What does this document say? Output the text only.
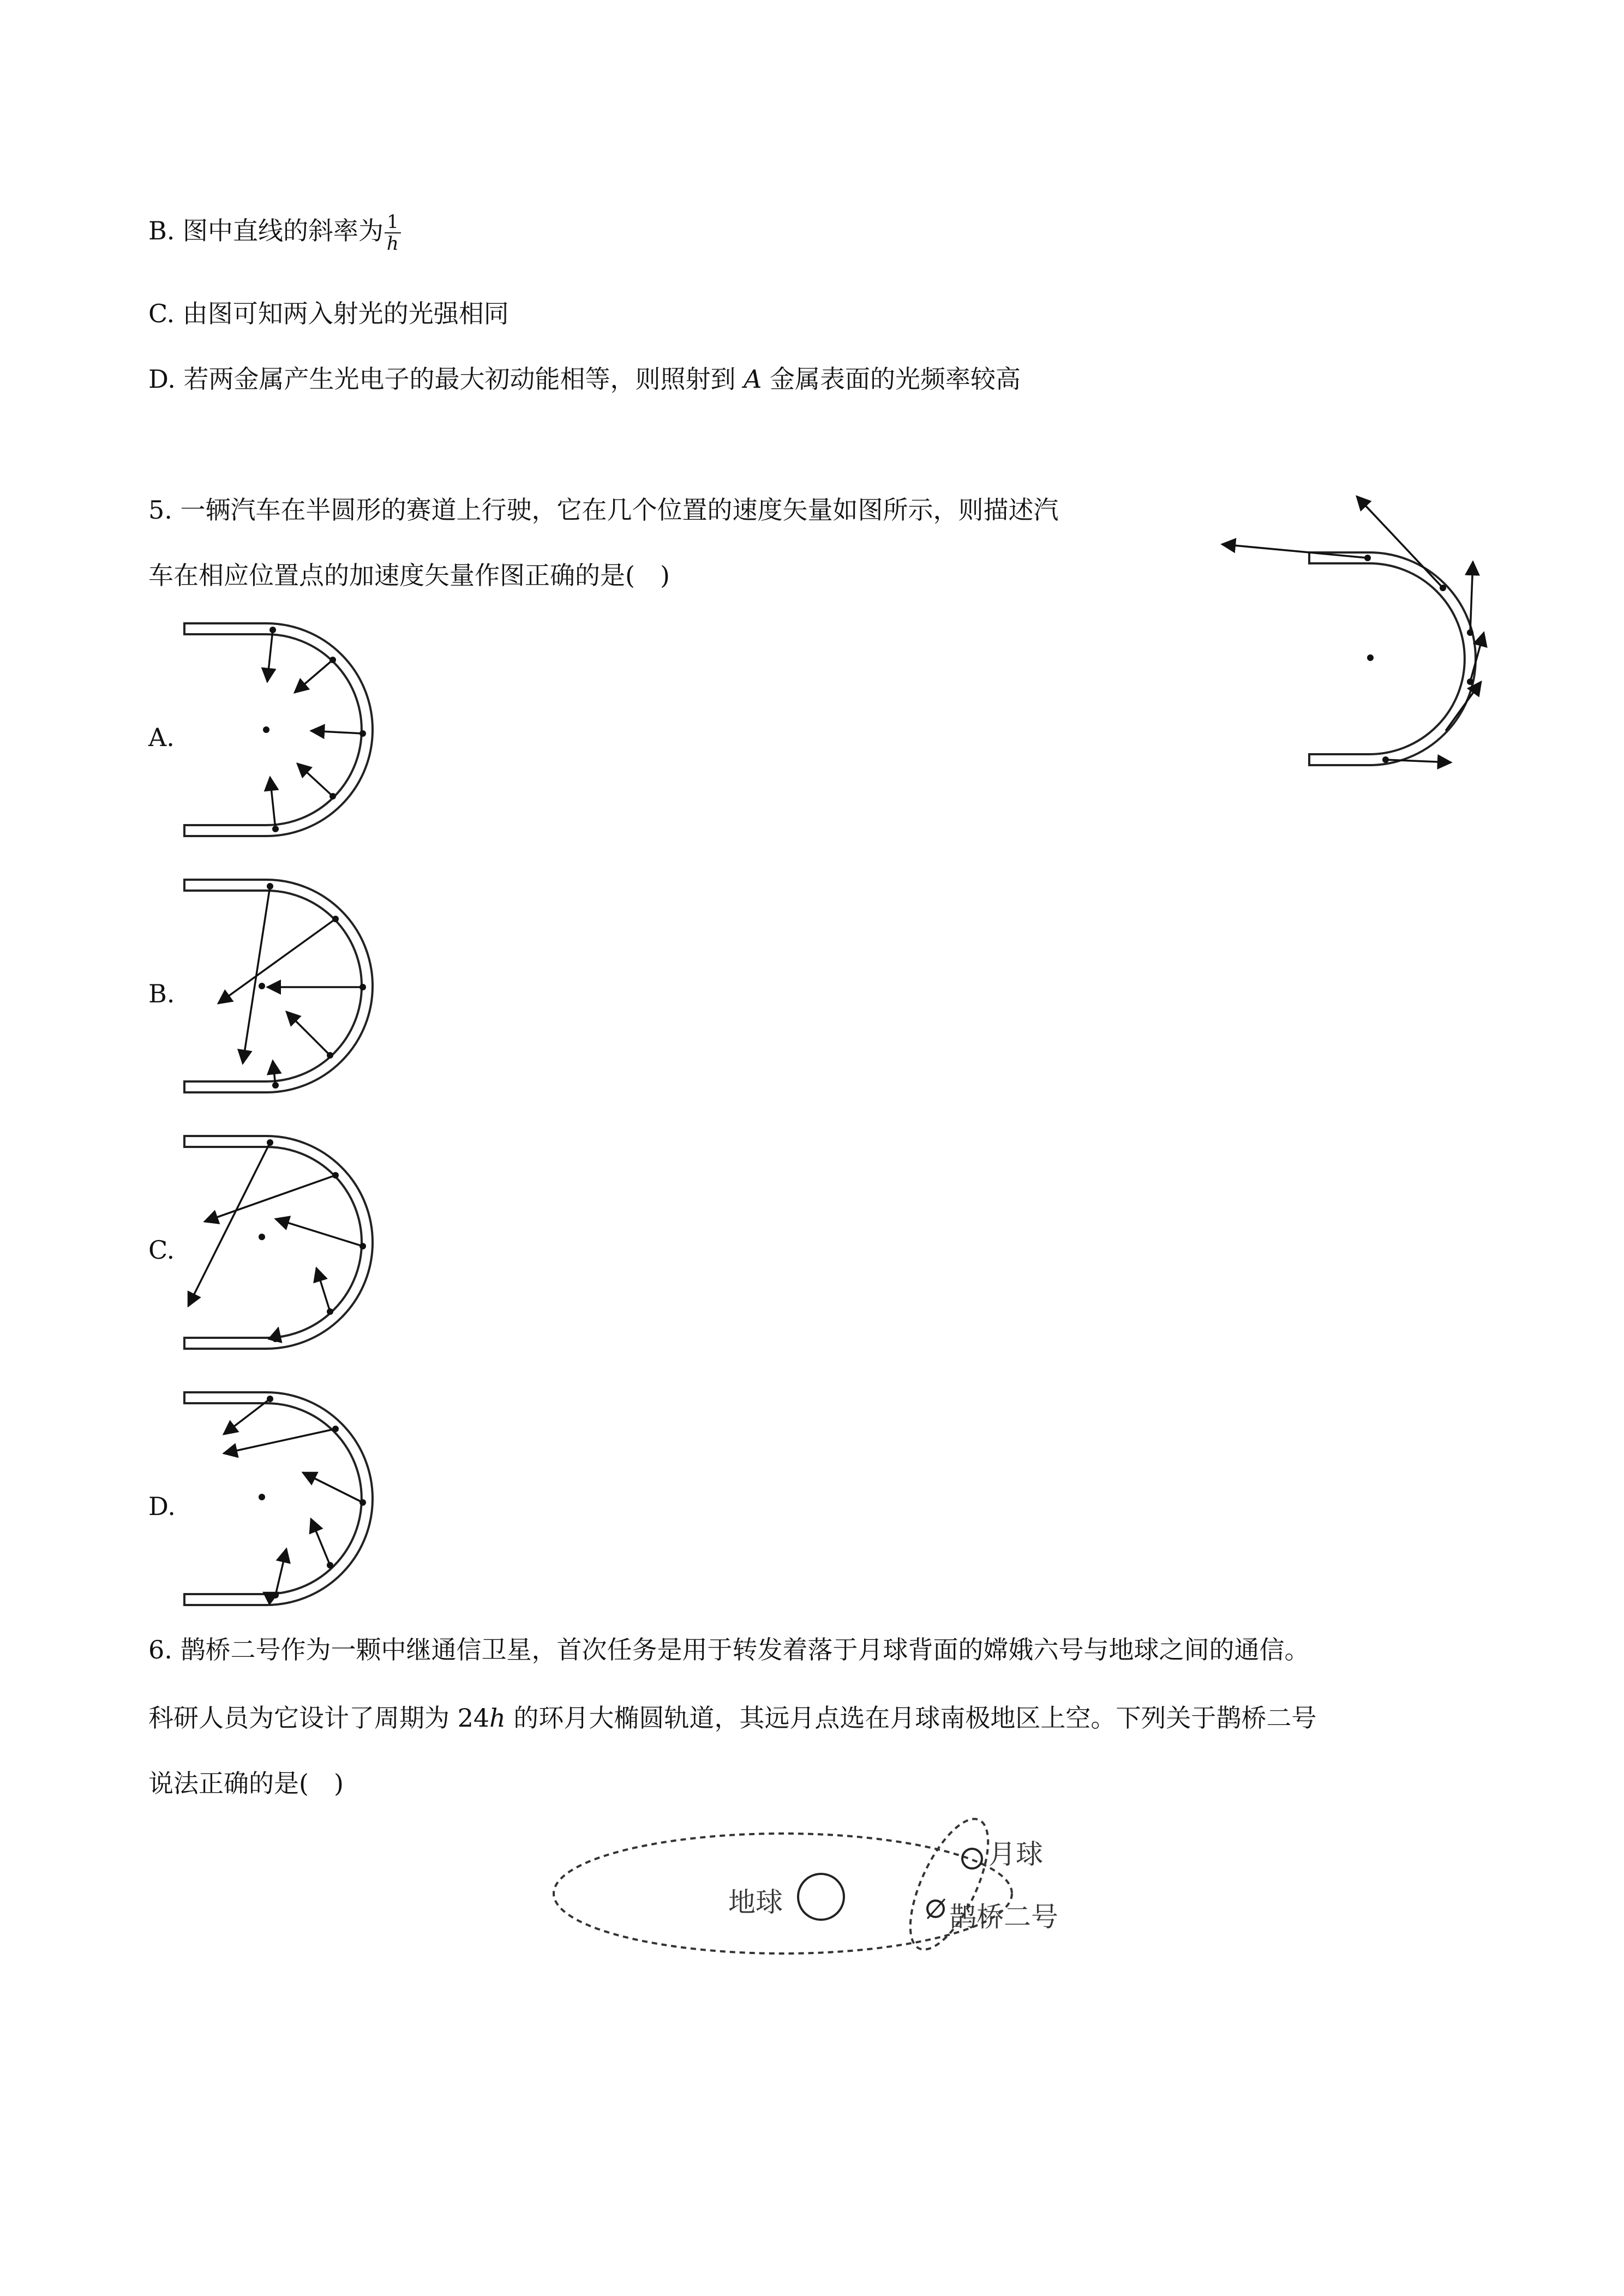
B. 图中直线的斜率为 $\frac{1}{h}$
C. 由图可知两入射光的光强相同
D. 若两金属产生光电子的最大初动能相等，则照射到 A 金属表面的光频率较高
5. 一辆汽车在半圆形的赛道上行驶，它在几个位置的速度矢量如图所示，则描述汽
车在相应位置点的加速度矢量作图正确的是(　)
A.
B.
C.
D.
6. 鹊桥二号作为一颗中继通信卫星，首次任务是用于转发着落于月球背面的嫦娥六号与地球之间的通信。
科研人员为它设计了周期为 24h 的环月大椭圆轨道，其远月点选在月球南极地区上空。下列关于鹊桥二号
说法正确的是(　)
地球
月球
鹊桥二号
